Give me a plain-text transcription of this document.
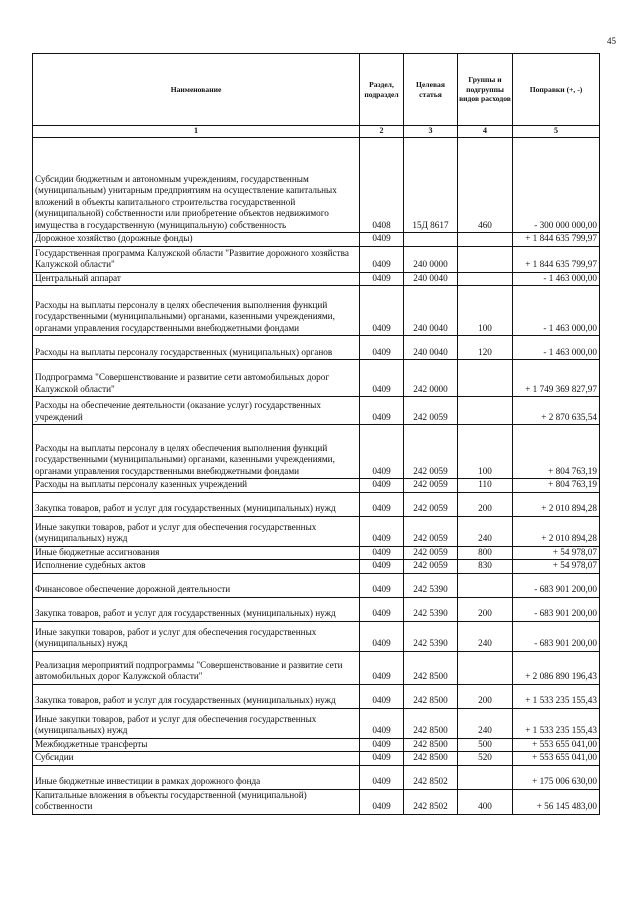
45
Наименование	Раздел, подраздел	Целевая статья	Группы и подгруппы видов расходов	Поправки (+, -)
1	2	3	4	5
Субсидии бюджетным и автономным учреждениям, государственным (муниципальным) унитарным предприятиям на осуществление капитальных вложений в объекты капитального строительства государственной (муниципальной) собственности или приобретение объектов недвижимого имущества в государственную (муниципальную) собственность	0408	15Д 8617	460	- 300 000 000,00
Дорожное хозяйство (дорожные фонды)	0409			+ 1 844 635 799,97
Государственная программа Калужской области "Развитие дорожного хозяйства Калужской области"	0409	240 0000		+ 1 844 635 799,97
Центральный аппарат	0409	240 0040		- 1 463 000,00
Расходы на выплаты персоналу в целях обеспечения выполнения функций государственными (муниципальными) органами, казенными учреждениями, органами управления государственными внебюджетными фондами	0409	240 0040	100	- 1 463 000,00
Расходы на выплаты персоналу государственных (муниципальных) органов	0409	240 0040	120	- 1 463 000,00
Подпрограмма "Совершенствование и развитие сети автомобильных дорог Калужской области"	0409	242 0000		+ 1 749 369 827,97
Расходы на обеспечение деятельности (оказание услуг) государственных учреждений	0409	242 0059		+ 2 870 635,54
Расходы на выплаты персоналу в целях обеспечения выполнения функций государственными (муниципальными) органами, казенными учреждениями, органами управления государственными внебюджетными фондами	0409	242 0059	100	+ 804 763,19
Расходы на выплаты персоналу казенных учреждений	0409	242 0059	110	+ 804 763,19
Закупка товаров, работ и услуг для государственных (муниципальных) нужд	0409	242 0059	200	+ 2 010 894,28
Иные закупки товаров, работ и услуг для обеспечения государственных (муниципальных) нужд	0409	242 0059	240	+ 2 010 894,28
Иные бюджетные ассигнования	0409	242 0059	800	+ 54 978,07
Исполнение судебных актов	0409	242 0059	830	+ 54 978,07
Финансовое обеспечение дорожной деятельности	0409	242 5390		- 683 901 200,00
Закупка товаров, работ и услуг для государственных (муниципальных) нужд	0409	242 5390	200	- 683 901 200,00
Иные закупки товаров, работ и услуг для обеспечения государственных (муниципальных) нужд	0409	242 5390	240	- 683 901 200,00
Реализация мероприятий подпрограммы "Совершенствование и развитие сети автомобильных дорог Калужской области"	0409	242 8500		+ 2 086 890 196,43
Закупка товаров, работ и услуг для государственных (муниципальных) нужд	0409	242 8500	200	+ 1 533 235 155,43
Иные закупки товаров, работ и услуг для обеспечения государственных (муниципальных) нужд	0409	242 8500	240	+ 1 533 235 155,43
Межбюджетные трансферты	0409	242 8500	500	+ 553 655 041,00
Субсидии	0409	242 8500	520	+ 553 655 041,00
Иные бюджетные инвестиции в рамках дорожного фонда	0409	242 8502		+ 175 006 630,00
Капитальные вложения в объекты государственной (муниципальной) собственности	0409	242 8502	400	+ 56 145 483,00
